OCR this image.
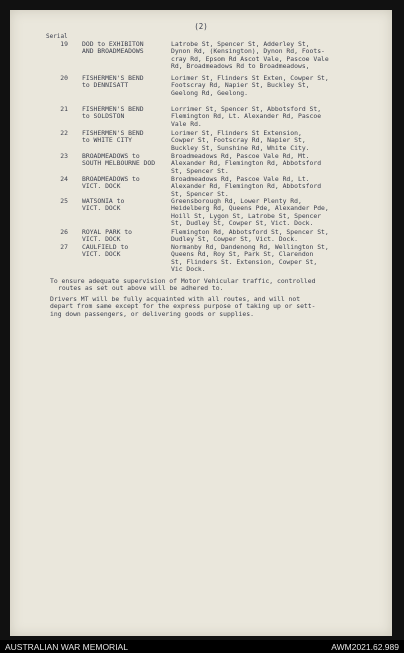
(2)
Serial
19 DOD to EXHIBITON
AND BROADMEADOWS
Latrobe St, Spencer St, Adderley St,
Dynon Rd, (Kensington), Dynon Rd, Foots-
cray Rd, Epsom Rd Ascot Vale, Pascoe Vale
Rd, Broadmeadows Rd to Broadmeadows,
20 FISHERMEN'S BEND
to DENNISATT
Lorimer St, Flinders St Exten, Cowper St,
Footscray Rd, Napier St, Buckley St,
Geelong Rd, Geelong.
21 FISHERMEN'S BEND
to SOLDSTON
Lorrimer St, Spencer St, Abbotsford St,
Flemington Rd, Lt. Alexander Rd, Pascoe
Vale Rd.
22 FISHERMEN'S BEND
to WHITE CITY
Lorimer St, Flinders St Extension,
Cowper St, Footscray Rd, Napier St,
Buckley St, Sunshine Rd, White City.
23 BROADMEADOWS to
SOUTH MELBOURNE DOD
Broadmeadows Rd, Pascoe Vale Rd, Mt.
Alexander Rd, Flemington Rd, Abbotsford
St, Spencer St.
24 BROADMEADOWS to
VICT. DOCK
Broadmeadows Rd, Pascoe Vale Rd, Lt.
Alexander Rd, Flemington Rd, Abbotsford
St, Spencer St.
25 WATSONIA to
VICT. DOCK
Greensborough Rd, Lower Plenty Rd,
Heidelberg Rd, Queens Pde, Alexander Pde,
Hoill St, Lygon St, Latrobe St, Spencer
St, Dudley St, Cowper St, Vict. Dock.
26 ROYAL PARK to
VICT. DOCK
Flemington Rd, Abbotsford St, Spencer St,
Dudley St, Cowper St, Vict. Dock.
27 CAULFIELD to
VICT. DOCK
Normanby Rd, Dandenong Rd, Wellington St,
Queens Rd, Roy St, Park St, Clarendon
St, Flinders St. Extension, Cowper St,
Vic Dock.
To ensure adequate supervision of Motor Vehicular traffic, controlled
routes as set out above will be adhered to.
Drivers MT will be fully acquainted with all routes, and will not
depart from same except for the express purpose of taking up or sett-
ing down passengers, or delivering goods or supplies.
AUSTRALIAN WAR MEMORIAL	AWM2021.62.989
